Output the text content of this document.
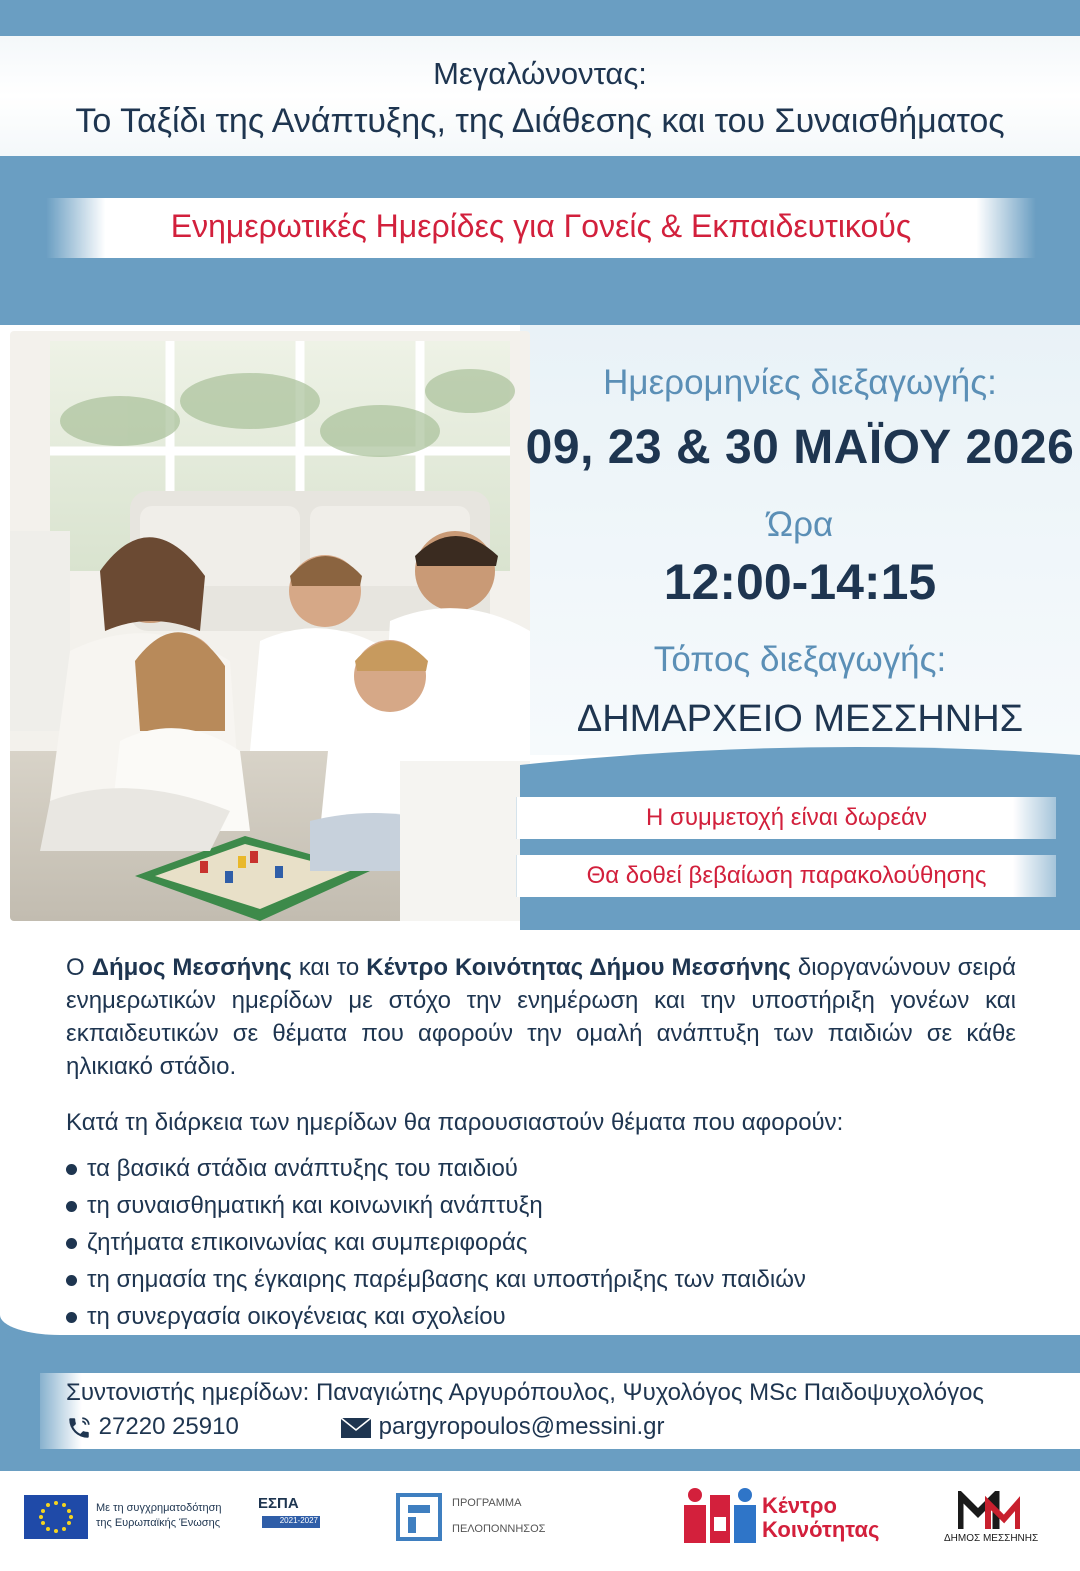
Μεγαλώνοντας:
Το Ταξίδι της Ανάπτυξης, της Διάθεσης και του Συναισθήματος
Ενημερωτικές Ημερίδες για Γονείς & Εκπαιδευτικούς
Ημερομηνίες διεξαγωγής:
09, 23 & 30 ΜΑΪΟΥ 2026
Ώρα
12:00-14:15
Τόπος διεξαγωγής:
ΔΗΜΑΡΧΕΙΟ ΜΕΣΣΗΝΗΣ
Η συμμετοχή είναι δωρεάν
Θα δοθεί βεβαίωση παρακολούθησης

Ο Δήμος Μεσσήνης και το Κέντρο Κοινότητας Δήμου Μεσσήνης διοργανώνουν σειρά ενημερωτικών ημερίδων με στόχο την ενημέρωση και την υποστήριξη γονέων και εκπαιδευτικών σε θέματα που αφορούν την ομαλή ανάπτυξη των παιδιών σε κάθε ηλικιακό στάδιο.

Κατά τη διάρκεια των ημερίδων θα παρουσιαστούν θέματα που αφορούν:

τα βασικά στάδια ανάπτυξης του παιδιού
τη συναισθηματική και κοινωνική ανάπτυξη
ζητήματα επικοινωνίας και συμπεριφοράς
τη σημασία της έγκαιρης παρέμβασης και υποστήριξης των παιδιών
τη συνεργασία οικογένειας και σχολείου
Συντονιστής ημερίδων: Παναγιώτης Αργυρόπουλος, Ψυχολόγος MSc Παιδοψυχολόγος
27220 25910	pargyropoulos@messini.gr
Με τη συγχρηματοδότηση
της Ευρωπαϊκής Ένωσης
ΕΣΠΑ
2021-2027
ΠΡΟΓΡΑΜΜΑ
ΠΕΛΟΠΟΝΝΗΣΟΣ
Κέντρο
Κοινότητας	ΔΗΜΟΣ ΜΕΣΣΗΝΗΣ
